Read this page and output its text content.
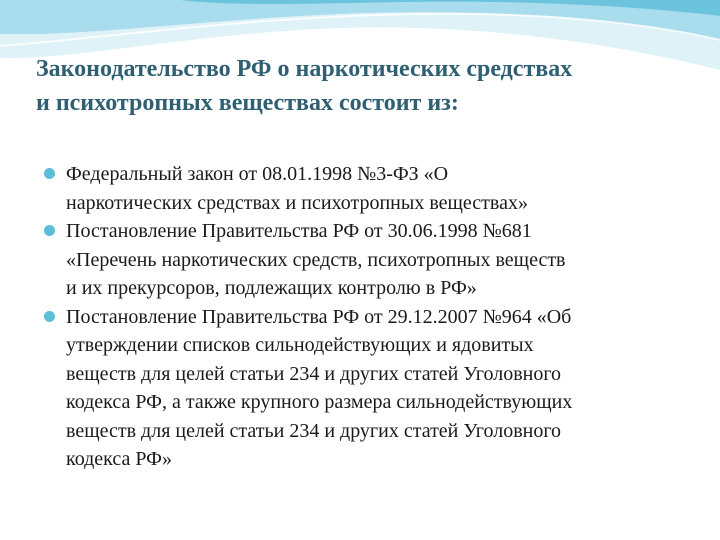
Законодательство РФ о наркотических средствах
и психотропных веществах состоит из:
Федеральный закон от 08.01.1998 №3-ФЗ «О
наркотических средствах и психотропных веществах»
Постановление Правительства РФ от 30.06.1998 №681
«Перечень наркотических средств, психотропных веществ
и их прекурсоров, подлежащих контролю в РФ»
Постановление Правительства РФ от 29.12.2007 №964 «Об
утверждении списков сильнодействующих и ядовитых
веществ для целей статьи 234 и других статей Уголовного
кодекса РФ, а также крупного размера сильнодействующих
веществ для целей статьи 234 и других статей Уголовного
кодекса РФ»
